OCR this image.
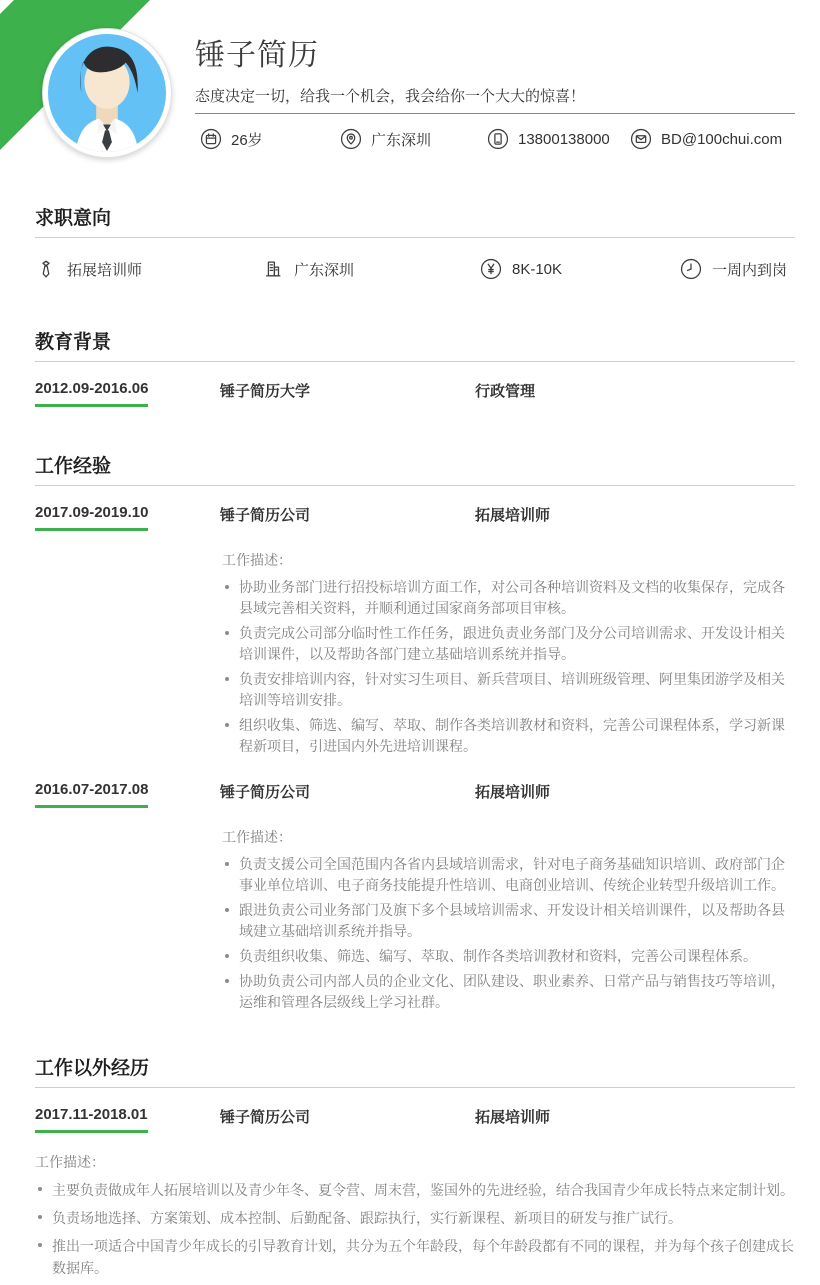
锤子简历

态度决定一切，给我一个机会，我会给你一个大大的惊喜！

26岁	广东深圳	13800138000	BD@100chui.com
求职意向
拓展培训师	广东深圳	8K-10K	一周内到岗
教育背景
2012.09-2016.06	锤子简历大学	行政管理
工作经验
2017.09-2019.10	锤子简历公司	拓展培训师

工作描述：

协助业务部门进行招投标培训方面工作，对公司各种培训资料及文档的收集保存，完成各县域完善相关资料，并顺利通过国家商务部项目审核。
负责完成公司部分临时性工作任务，跟进负责业务部门及分公司培训需求、开发设计相关培训课件，以及帮助各部门建立基础培训系统并指导。
负责安排培训内容，针对实习生项目、新兵营项目、培训班级管理、阿里集团游学及相关培训等培训安排。
组织收集、筛选、编写、萃取、制作各类培训教材和资料，完善公司课程体系，学习新课程新项目，引进国内外先进培训课程。
2016.07-2017.08	锤子简历公司	拓展培训师

工作描述：

负责支援公司全国范围内各省内县域培训需求，针对电子商务基础知识培训、政府部门企事业单位培训、电子商务技能提升性培训、电商创业培训、传统企业转型升级培训工作。
跟进负责公司业务部门及旗下多个县域培训需求、开发设计相关培训课件，以及帮助各县域建立基础培训系统并指导。
负责组织收集、筛选、编写、萃取、制作各类培训教材和资料，完善公司课程体系。
协助负责公司内部人员的企业文化、团队建设、职业素养、日常产品与销售技巧等培训，运维和管理各层级线上学习社群。
工作以外经历
2017.11-2018.01	锤子简历公司	拓展培训师

工作描述：

主要负责做成年人拓展培训以及青少年冬、夏令营、周末营，鉴国外的先进经验，结合我国青少年成长特点来定制计划。
负责场地选择、方案策划、成本控制、后勤配备、跟踪执行，实行新课程、新项目的研发与推广试行。
推出一项适合中国青少年成长的引导教育计划，共分为五个年龄段，每个年龄段都有不同的课程，并为每个孩子创建成长数据库。
